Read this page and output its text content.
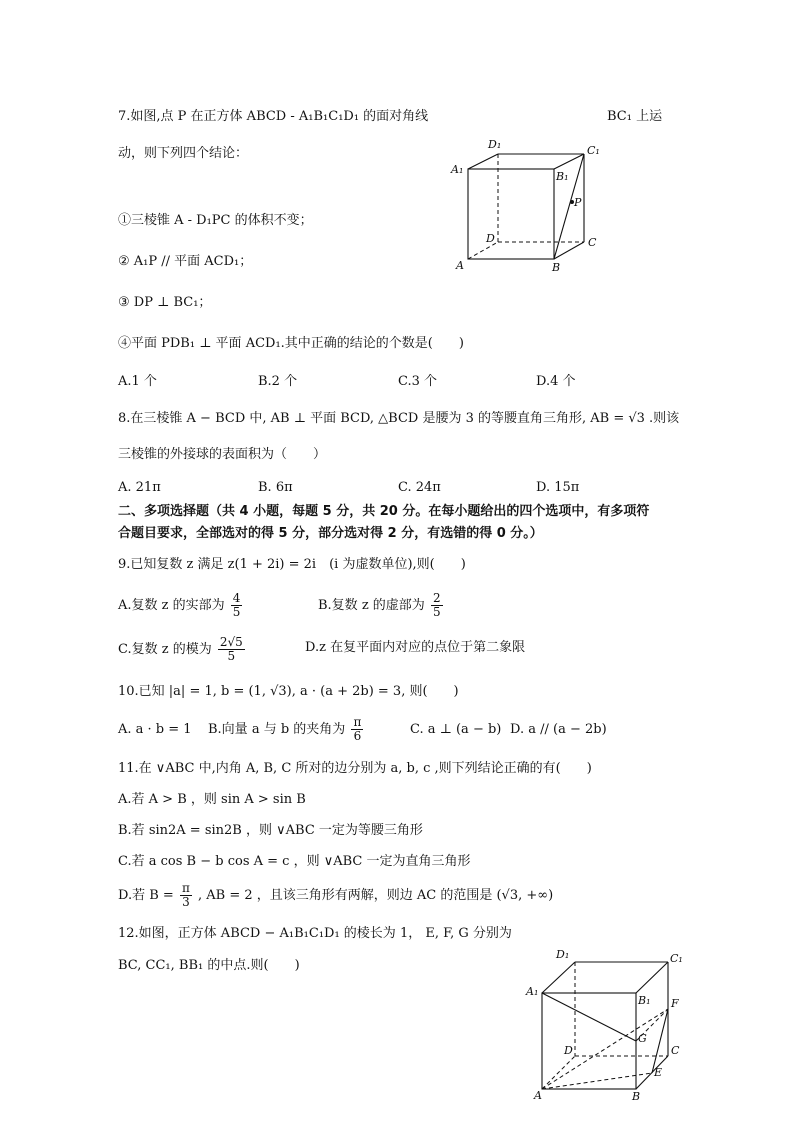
7.如图,点 P 在正方体 ABCD - A₁B₁C₁D₁ 的面对角线	BC₁ 上运
动，则下列四个结论：
①三棱锥 A - D₁PC 的体积不变；
② A₁P // 平面 ACD₁；
③ DP ⊥ BC₁；
④平面 PDB₁ ⊥ 平面 ACD₁.其中正确的结论的个数是(　　)
A.1 个	B.2 个	C.3 个	D.4 个
D₁	C₁
A₁
B₁
P
D	C
A	B
8.在三棱锥 A − BCD 中, AB ⊥ 平面 BCD, △BCD 是腰为 3 的等腰直角三角形, AB = √3 .则该
三棱锥的外接球的表面积为（　　）
A. 21π	B. 6π	C. 24π	D. 15π
二、多项选择题（共 4 小题，每题 5 分，共 20 分。在每小题给出的四个选项中，有多项符
合题目要求，全部选对的得 5 分，部分选对得 2 分，有选错的得 0 分。）
9.已知复数 z 满足 z(1 + 2i) = 2i　(i 为虚数单位),则(　　)
A.复数 z 的实部为 $\frac{4}{5}$	B.复数 z 的虚部为 $\frac{2}{5}$
C.复数 z 的模为 $\frac{2√5}{5}$	D.z 在复平面内对应的点位于第二象限
10.已知 |a| = 1, b = (1, √3), a · (a + 2b) = 3, 则(　　)
A. a · b = 1 B.向量 a 与 b 的夹角为 $\frac{\pi}{6}$	C. a ⊥ (a − b) D. a // (a − 2b)
11.在 ∨ABC 中,内角 A, B, C 所对的边分别为 a, b, c ,则下列结论正确的有(　　)
A.若 A > B ，则 sin A > sin B
B.若 sin2A = sin2B ，则 ∨ABC 一定为等腰三角形
C.若 a cos B − b cos A = c ，则 ∨ABC 一定为直角三角形
D.若 $B = \frac{\pi}{3}$ , AB = 2 ，且该三角形有两解，则边 AC 的范围是 (√3, +∞)
12.如图，正方体 ABCD − A₁B₁C₁D₁ 的棱长为 1， E, F, G 分别为
BC, CC₁, BB₁ 的中点.则(　　)
D₁	C₁
A₁
B₁ F
G
D	C
E
A	B
